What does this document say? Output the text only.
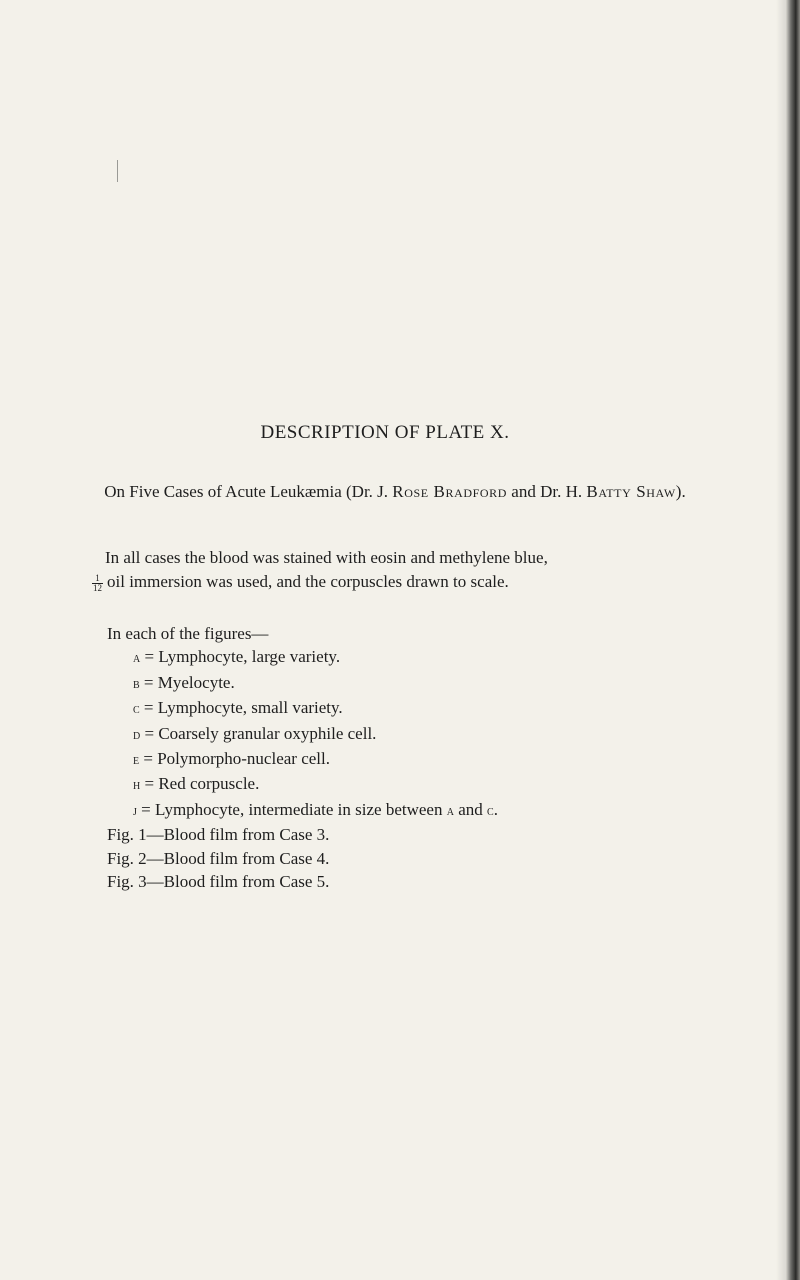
DESCRIPTION OF PLATE X.
On Five Cases of Acute Leukæmia (Dr. J. Rose Bradford and Dr. H. Batty Shaw).
In all cases the blood was stained with eosin and methylene blue,
$\frac{1}{12}$ oil immersion was used, and the corpuscles drawn to scale.
In each of the figures—
a = Lymphocyte, large variety.
b = Myelocyte.
c = Lymphocyte, small variety.
d = Coarsely granular oxyphile cell.
e = Polymorpho-nuclear cell.
h = Red corpuscle.
j = Lymphocyte, intermediate in size between a and c.
Fig. 1—Blood film from Case 3.
Fig. 2—Blood film from Case 4.
Fig. 3—Blood film from Case 5.
